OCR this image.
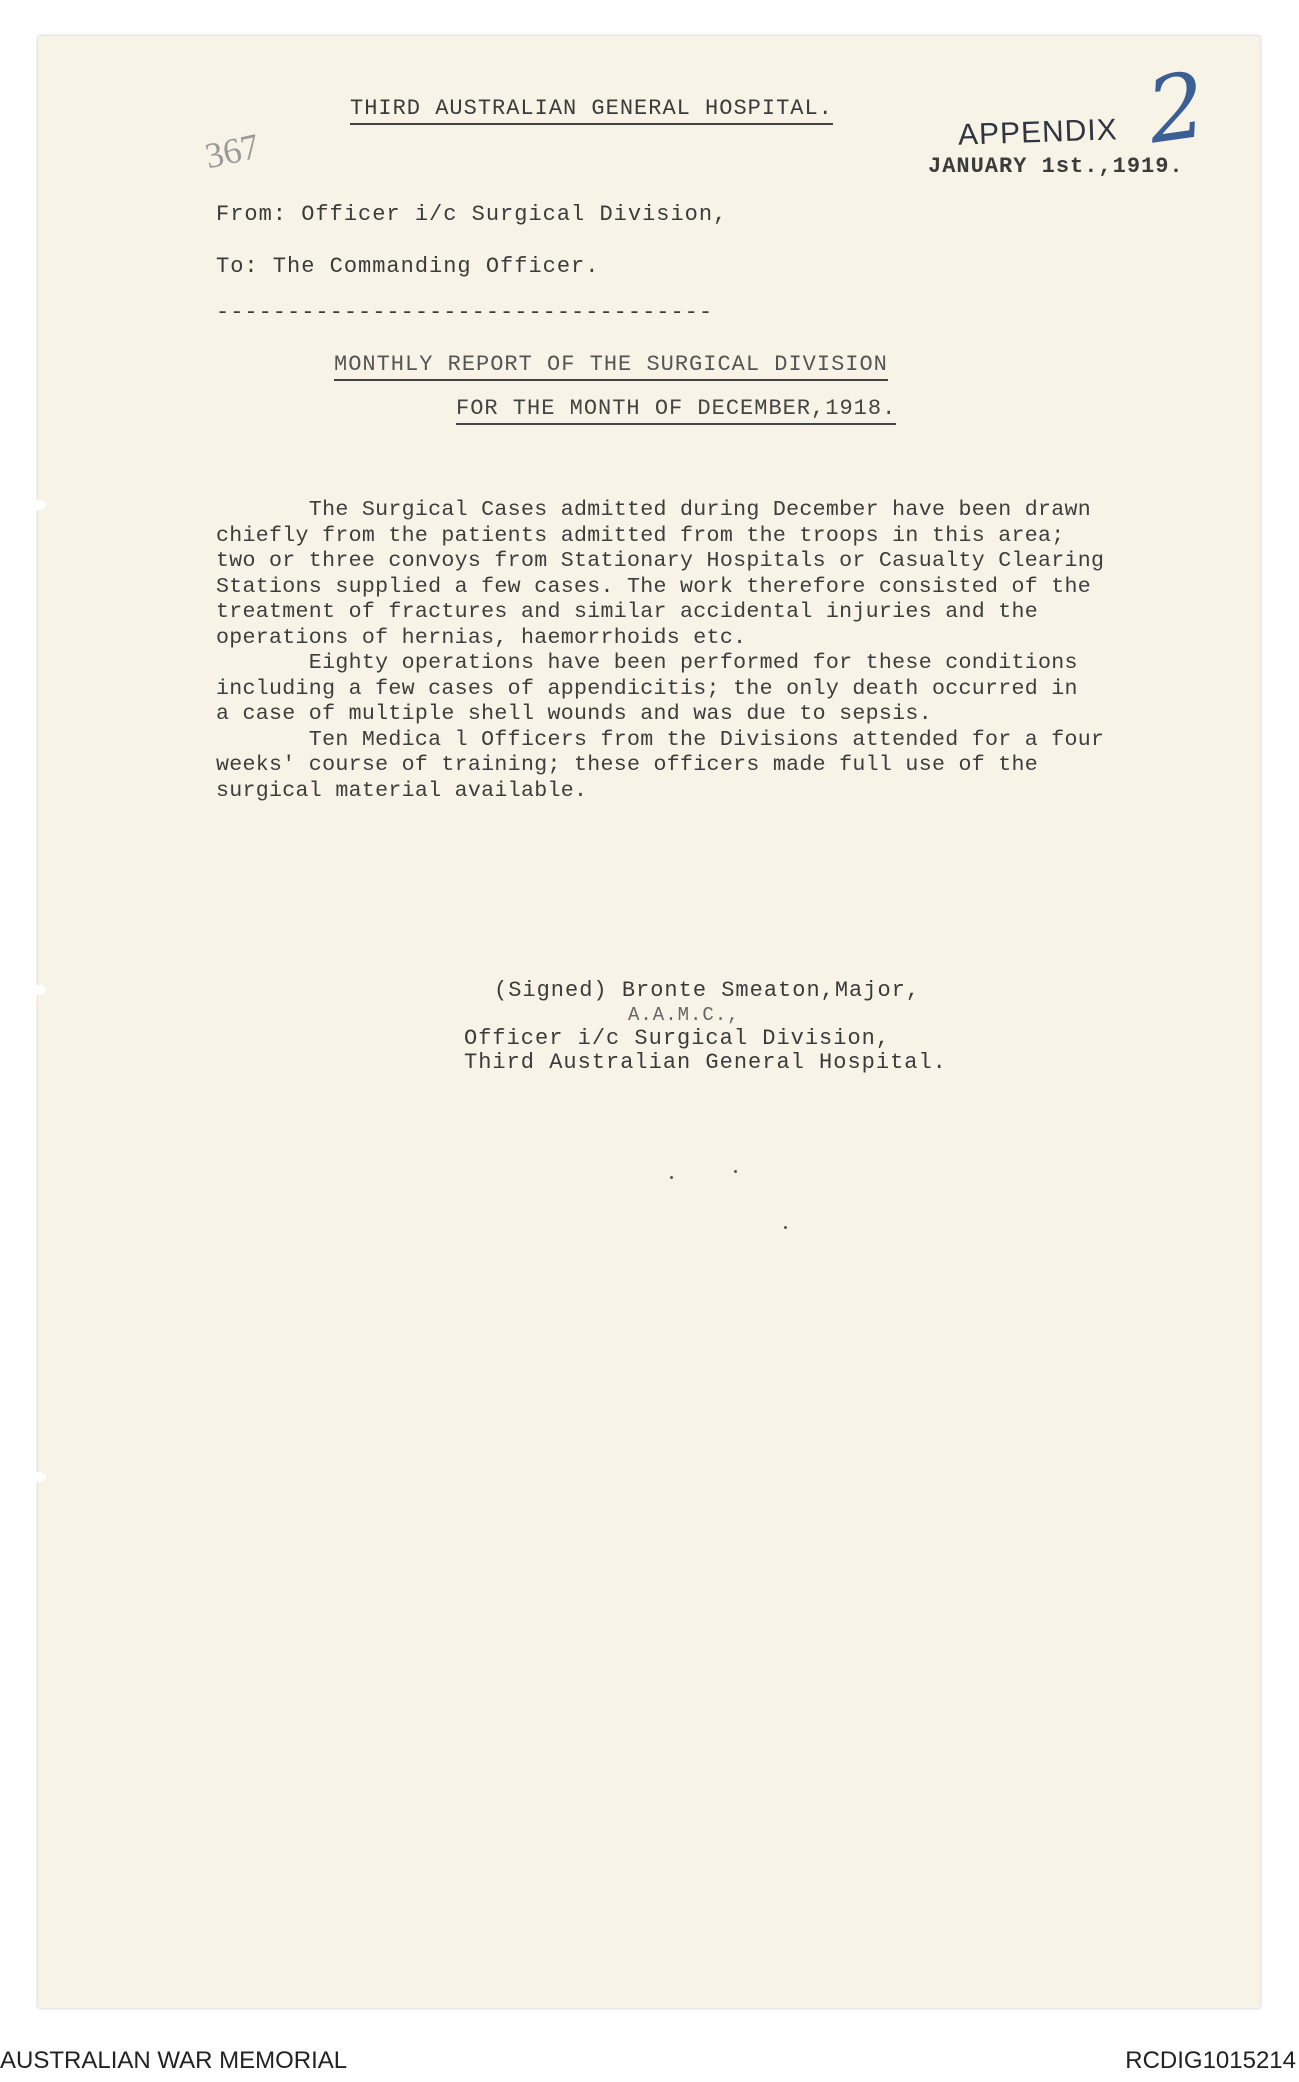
THIRD AUSTRALIAN GENERAL HOSPITAL.
367	APPENDIX 2
JANUARY 1st.,1919.
From: Officer i/c Surgical Division,
To: The Commanding Officer.
-----------------------------------
MONTHLY REPORT OF THE SURGICAL DIVISION
FOR THE MONTH OF DECEMBER,1918.
The Surgical Cases admitted during December have been drawn
chiefly from the patients admitted from the troops in this area;
two or three convoys from Stationary Hospitals or Casualty Clearing
Stations supplied a few cases. The work therefore consisted of the
treatment of fractures and similar accidental injuries and the
operations of hernias, haemorrhoids etc.
Eighty operations have been performed for these conditions
including a few cases of appendicitis; the only death occurred in
a case of multiple shell wounds and was due to sepsis.
Ten Medica l Officers from the Divisions attended for a four
weeks' course of training; these officers made full use of the
surgical material available.
(Signed) Bronte Smeaton,Major,
A.A.M.C.,
Officer i/c Surgical Division,
Third Australian General Hospital.
AUSTRALIAN WAR MEMORIAL	RCDIG1015214
